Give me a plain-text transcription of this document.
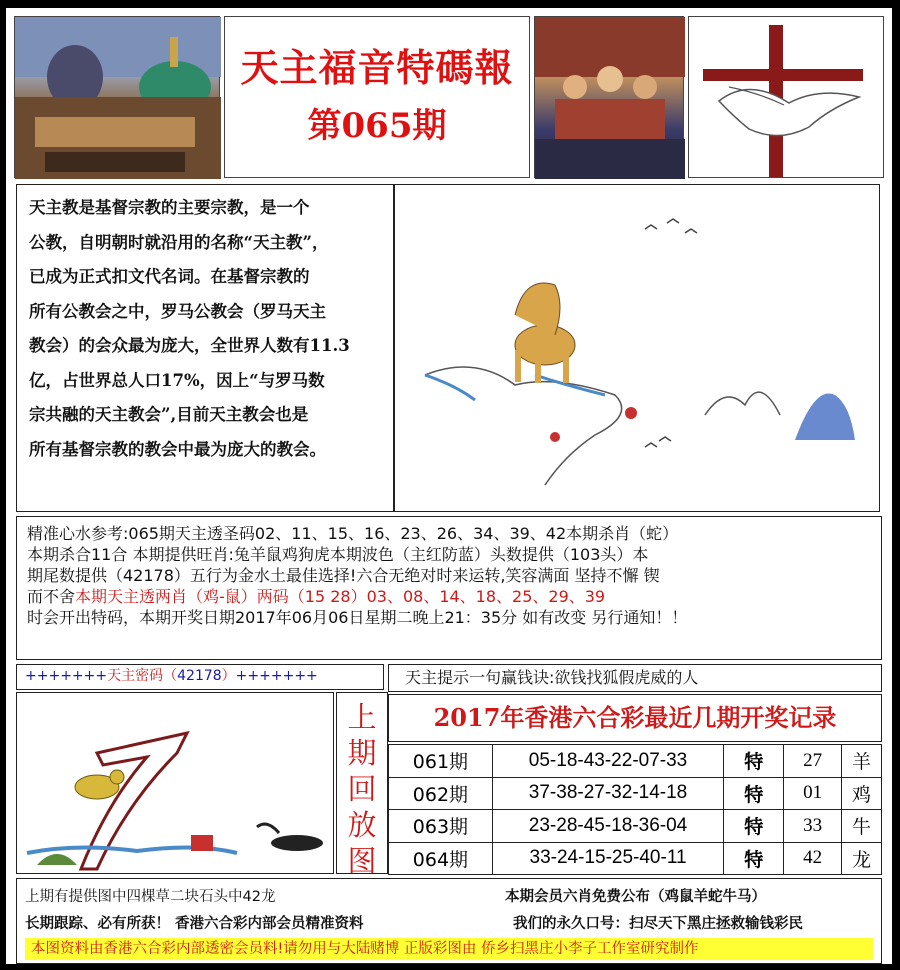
天主福音特碼報
第065期

天主教是基督宗教的主要宗教，是一个
公教，自明朝时就沿用的名称“天主教”，
已成为正式扣文代名词。在基督宗教的
所有公教会之中，罗马公教会（罗马天主
教会）的会众最为庞大，全世界人数有11.3
亿，占世界总人口17%，因上“与罗马数
宗共融的天主教会”,目前天主教会也是
所有基督宗教的教会中最为庞大的教会。

精准心水参考:065期天主透圣码02、11、15、16、23、26、34、39、42本期杀肖（蛇）
本期杀合11合 本期提供旺肖:兔羊鼠鸡狗虎本期波色（主红防蓝）头数提供（103头）本
期尾数提供（42178）五行为金水土最佳选择!六合无绝对时来运转,笑容满面 坚持不懈 锲
而不舍本期天主透两肖（鸡-鼠）两码（15 28）03、08、14、18、25、29、39
时会开出特码，本期开奖日期2017年06月06日星期二晚上21：35分 如有改变 另行通知！！
+++++++天主密码（42178）+++++++
上
期
回
放
图
天主提示一句赢钱诀:欲钱找狐假虎威的人
2017年香港六合彩最近几期开奖记录
061期	05-18-43-22-07-33	特	27	羊
062期	37-38-27-32-14-18	特	01	鸡
063期	23-28-45-18-36-04	特	33	牛
064期	33-24-15-25-40-11	特	42	龙
上期有提供图中四棵草二块石头中42龙	本期会员六肖免费公布（鸡鼠羊蛇牛马）
长期跟踪、必有所获！ 香港六合彩内部会员精准资料	我们的永久口号：扫尽天下黑庄拯救输钱彩民
本图资料由香港六合彩内部透密会员料!请勿用与大陆赌博 正版彩图由 侨乡扫黑庄小李子工作室研究制作
